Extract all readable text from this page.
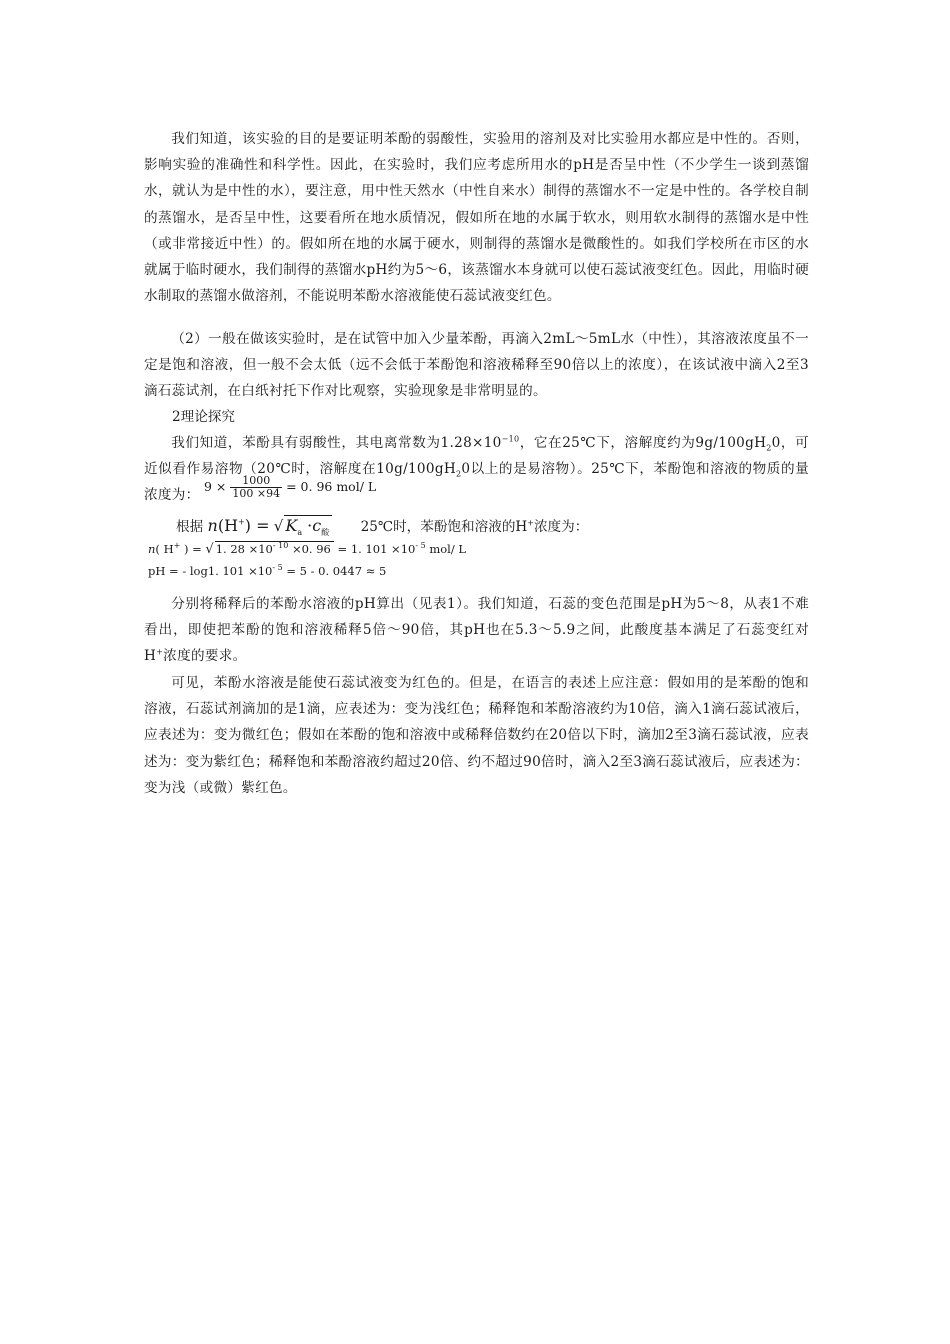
我们知道，该实验的目的是要证明苯酚的弱酸性，实验用的溶剂及对比实验用水都应是中性的。否则，影响实验的准确性和科学性。因此，在实验时，我们应考虑所用水的pH是否呈中性（不少学生一谈到蒸馏水，就认为是中性的水），要注意，用中性天然水（中性自来水）制得的蒸馏水不一定是中性的。各学校自制的蒸馏水，是否呈中性，这要看所在地水质情况，假如所在地的水属于软水，则用软水制得的蒸馏水是中性（或非常接近中性）的。假如所在地的水属于硬水，则制得的蒸馏水是微酸性的。如我们学校所在市区的水就属于临时硬水，我们制得的蒸馏水pH约为5～6，该蒸馏水本身就可以使石蕊试液变红色。因此，用临时硬水制取的蒸馏水做溶剂，不能说明苯酚水溶液能使石蕊试液变红色。

（2）一般在做该实验时，是在试管中加入少量苯酚，再滴入2mL～5mL水（中性），其溶液浓度虽不一定是饱和溶液，但一般不会太低（远不会低于苯酚饱和溶液稀释至90倍以上的浓度），在该试液中滴入2至3滴石蕊试剂，在白纸衬托下作对比观察，实验现象是非常明显的。

2理论探究

我们知道，苯酚具有弱酸性，其电离常数为$1.28\times 10^{-10}$，它在25℃下，溶解度约为$9g/100gH_20$，可近似看作易溶物（20℃时，溶解度在$10g/100gH_20$以上的是易溶物）。25℃下，苯酚饱和溶液的物质的量浓度为：

$9 \times \frac{1000}{100 \times 94} = 0$. 96 mol/ L
根据 n(H+) = √ $K_a \cdot c_酸$ 25℃时，苯酚饱和溶液的H+浓度为：
n( H+ ) = √ 1. $28 \times 10^{- 10} \times 0$. 96 = 1. $101 \times 10^{- 5}$ mol/ L
pH = - log1. $101 \times 10^{- 5} = 5 - 0$. 0447 ≈ 5

分别将稀释后的苯酚水溶液的pH算出（见表1）。我们知道，石蕊的变色范围是pH为5～8，从表1不难看出，即使把苯酚的饱和溶液稀释5倍～90倍，其pH也在5.3～5.9之间，此酸度基本满足了石蕊变红对H+浓度的要求。

可见，苯酚水溶液是能使石蕊试液变为红色的。但是，在语言的表述上应注意：假如用的是苯酚的饱和溶液，石蕊试剂滴加的是1滴，应表述为：变为浅红色；稀释饱和苯酚溶液约为10倍，滴入1滴石蕊试液后，应表述为：变为微红色；假如在苯酚的饱和溶液中或稀释倍数约在20倍以下时，滴加2至3滴石蕊试液，应表述为：变为紫红色；稀释饱和苯酚溶液约超过20倍、约不超过90倍时，滴入2至3滴石蕊试液后，应表述为：变为浅（或微）紫红色。
